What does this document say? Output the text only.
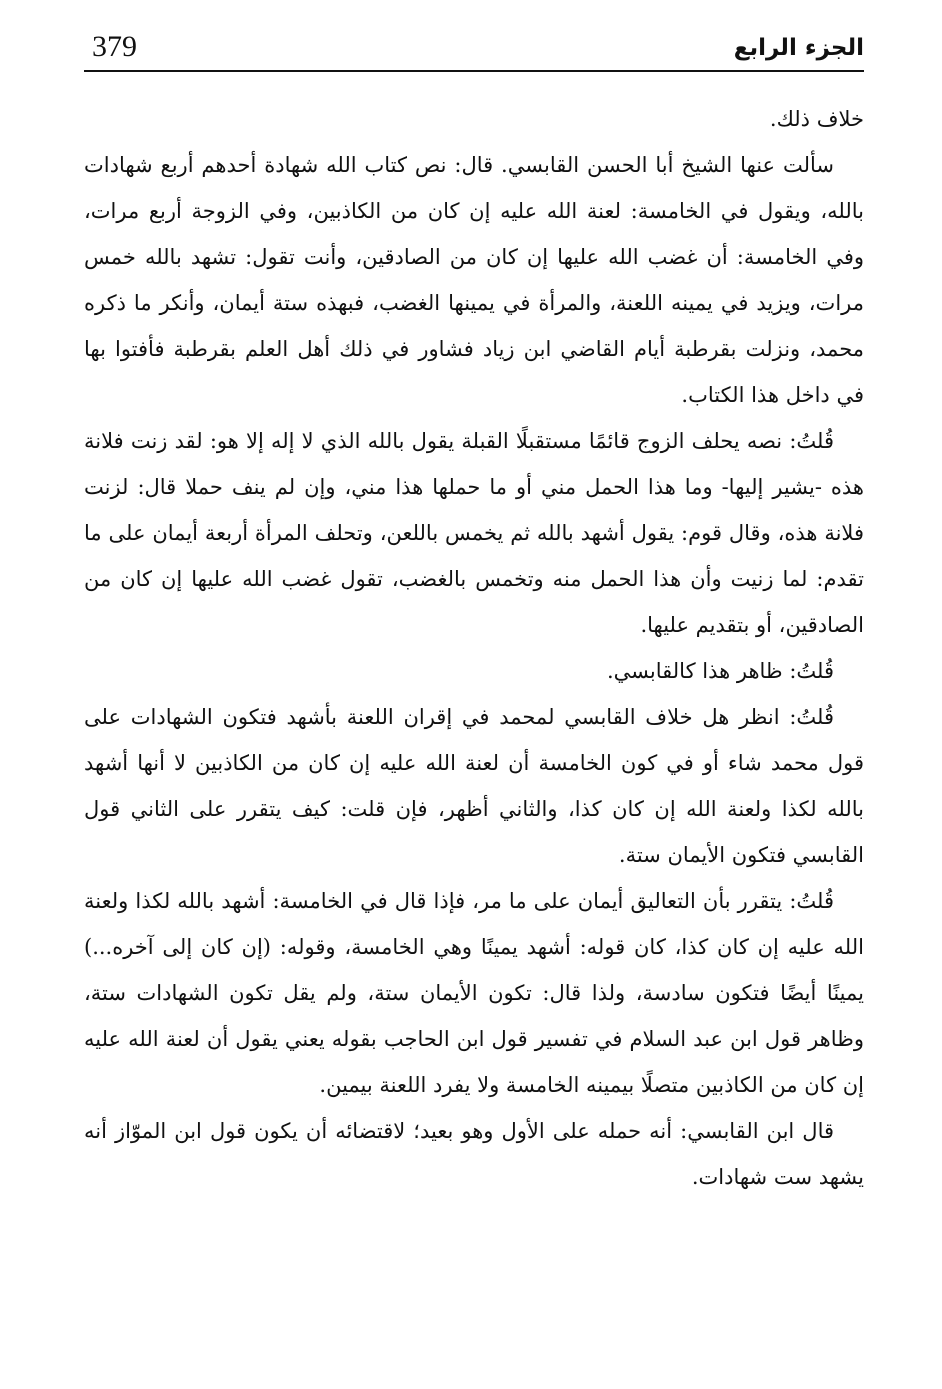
379	الجزء الرابع

خلاف ذلك.

سألت عنها الشيخ أبا الحسن القابسي. قال: نص كتاب الله شهادة أحدهم أربع شهادات بالله، ويقول في الخامسة: لعنة الله عليه إن كان من الكاذبين، وفي الزوجة أربع مرات، وفي الخامسة: أن غضب الله عليها إن كان من الصادقين، وأنت تقول: تشهد بالله خمس مرات، ويزيد في يمينه اللعنة، والمرأة في يمينها الغضب، فبهذه ستة أيمان، وأنكر ما ذكره محمد، ونزلت بقرطبة أيام القاضي ابن زياد فشاور في ذلك أهل العلم بقرطبة فأفتوا بها في داخل هذا الكتاب.

قُلتُ: نصه يحلف الزوج قائمًا مستقبلًا القبلة يقول بالله الذي لا إله إلا هو: لقد زنت فلانة هذه -يشير إليها- وما هذا الحمل مني أو ما حملها هذا مني، وإن لم ينف حملا قال: لزنت فلانة هذه، وقال قوم: يقول أشهد بالله ثم يخمس باللعن، وتحلف المرأة أربعة أيمان على ما تقدم: لما زنيت وأن هذا الحمل منه وتخمس بالغضب، تقول غضب الله عليها إن كان من الصادقين، أو بتقديم عليها.

قُلتُ: ظاهر هذا كالقابسي.

قُلتُ: انظر هل خلاف القابسي لمحمد في إقران اللعنة بأشهد فتكون الشهادات على قول محمد شاء أو في كون الخامسة أن لعنة الله عليه إن كان من الكاذبين لا أنها أشهد بالله لكذا ولعنة الله إن كان كذا، والثاني أظهر، فإن قلت: كيف يتقرر على الثاني قول القابسي فتكون الأيمان ستة.

قُلتُ: يتقرر بأن التعاليق أيمان على ما مر، فإذا قال في الخامسة: أشهد بالله لكذا ولعنة الله عليه إن كان كذا، كان قوله: أشهد يمينًا وهي الخامسة، وقوله: (إن كان إلى آخره...) يمينًا أيضًا فتكون سادسة، ولذا قال: تكون الأيمان ستة، ولم يقل تكون الشهادات ستة، وظاهر قول ابن عبد السلام في تفسير قول ابن الحاجب بقوله يعني يقول أن لعنة الله عليه إن كان من الكاذبين متصلًا بيمينه الخامسة ولا يفرد اللعنة بيمين.

قال ابن القابسي: أنه حمله على الأول وهو بعيد؛ لاقتضائه أن يكون قول ابن الموّاز أنه يشهد ست شهادات.
